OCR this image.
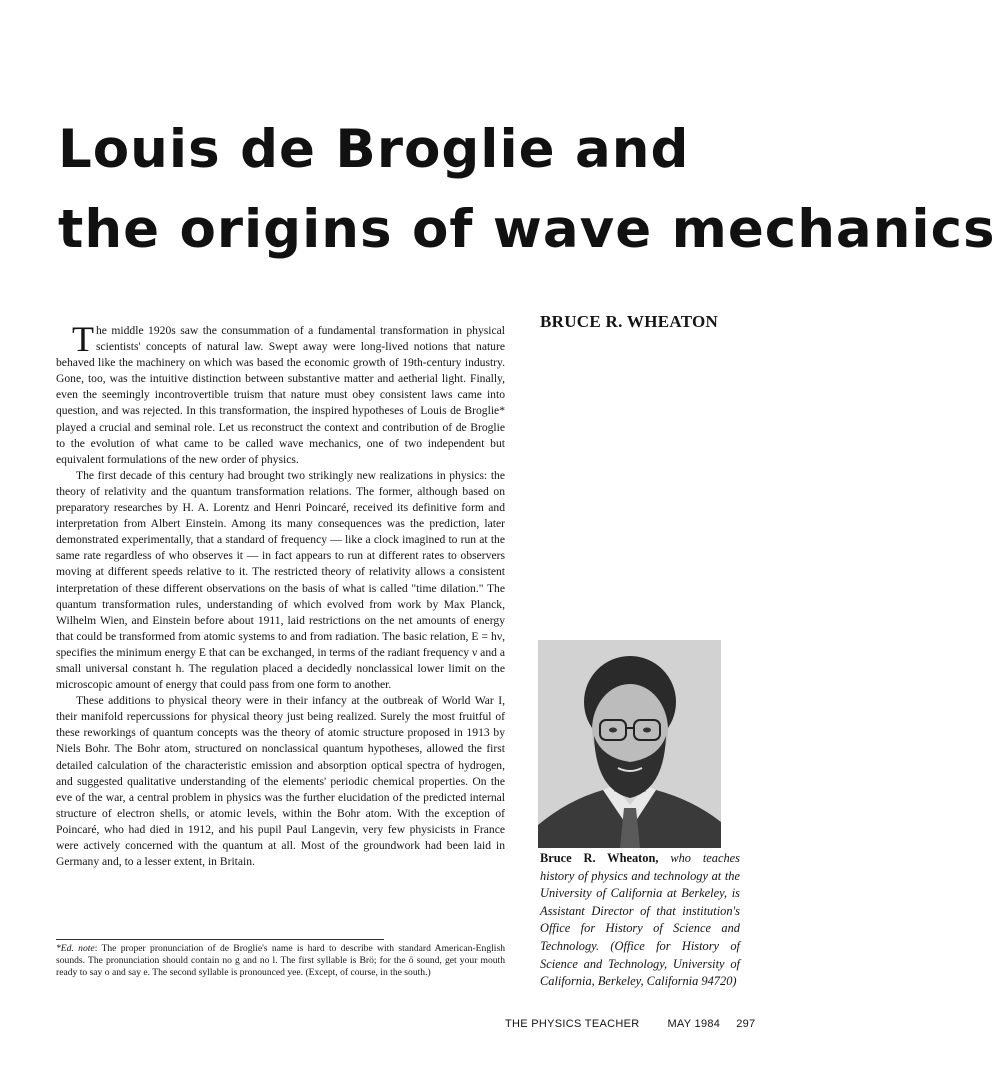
Louis de Broglie and
the origins of wave mechanics
BRUCE R. WHEATON

The middle 1920s saw the consummation of a fundamental transformation in physical scientists' concepts of natural law. Swept away were long-lived notions that nature behaved like the machinery on which was based the economic growth of 19th-century industry. Gone, too, was the intuitive distinction between substantive matter and aetherial light. Finally, even the seemingly incontrovertible truism that nature must obey consistent laws came into question, and was rejected. In this transformation, the inspired hypotheses of Louis de Broglie* played a crucial and seminal role. Let us reconstruct the context and contribution of de Broglie to the evolution of what came to be called wave mechanics, one of two independent but equivalent formulations of the new order of physics.

The first decade of this century had brought two strikingly new realizations in physics: the theory of relativity and the quantum transformation relations. The former, although based on preparatory researches by H. A. Lorentz and Henri Poincaré, received its definitive form and interpretation from Albert Einstein. Among its many consequences was the prediction, later demonstrated experimentally, that a standard of frequency — like a clock imagined to run at the same rate regardless of who observes it — in fact appears to run at different rates to observers moving at different speeds relative to it. The restricted theory of relativity allows a consistent interpretation of these different observations on the basis of what is called "time dilation." The quantum transformation rules, understanding of which evolved from work by Max Planck, Wilhelm Wien, and Einstein before about 1911, laid restrictions on the net amounts of energy that could be transformed from atomic systems to and from radiation. The basic relation, E = hν, specifies the minimum energy E that can be exchanged, in terms of the radiant frequency ν and a small universal constant h. The regulation placed a decidedly nonclassical lower limit on the microscopic amount of energy that could pass from one form to another.

These additions to physical theory were in their infancy at the outbreak of World War I, their manifold repercussions for physical theory just being realized. Surely the most fruitful of these reworkings of quantum concepts was the theory of atomic structure proposed in 1913 by Niels Bohr. The Bohr atom, structured on nonclassical quantum hypotheses, allowed the first detailed calculation of the characteristic emission and absorption optical spectra of hydrogen, and suggested qualitative understanding of the elements' periodic chemical properties. On the eve of the war, a central problem in physics was the further elucidation of the predicted internal structure of electron shells, or atomic levels, within the Bohr atom. With the exception of Poincaré, who had died in 1912, and his pupil Paul Langevin, very few physicists in France were actively concerned with the quantum at all. Most of the groundwork had been laid in Germany and, to a lesser extent, in Britain.

*Ed. note: The proper pronunciation of de Broglie's name is hard to describe with standard American-English sounds. The pronunciation should contain no g and no l. The first syllable is Brö; for the ö sound, get your mouth ready to say o and say e. The second syllable is pronounced yee. (Except, of course, in the south.)

Bruce R. Wheaton, who teaches history of physics and technology at the University of California at Berkeley, is Assistant Director of that institution's Office for History of Science and Technology. (Office for History of Science and Technology, University of California, Berkeley, California 94720)

THE PHYSICS TEACHER	MAY 1984 297
